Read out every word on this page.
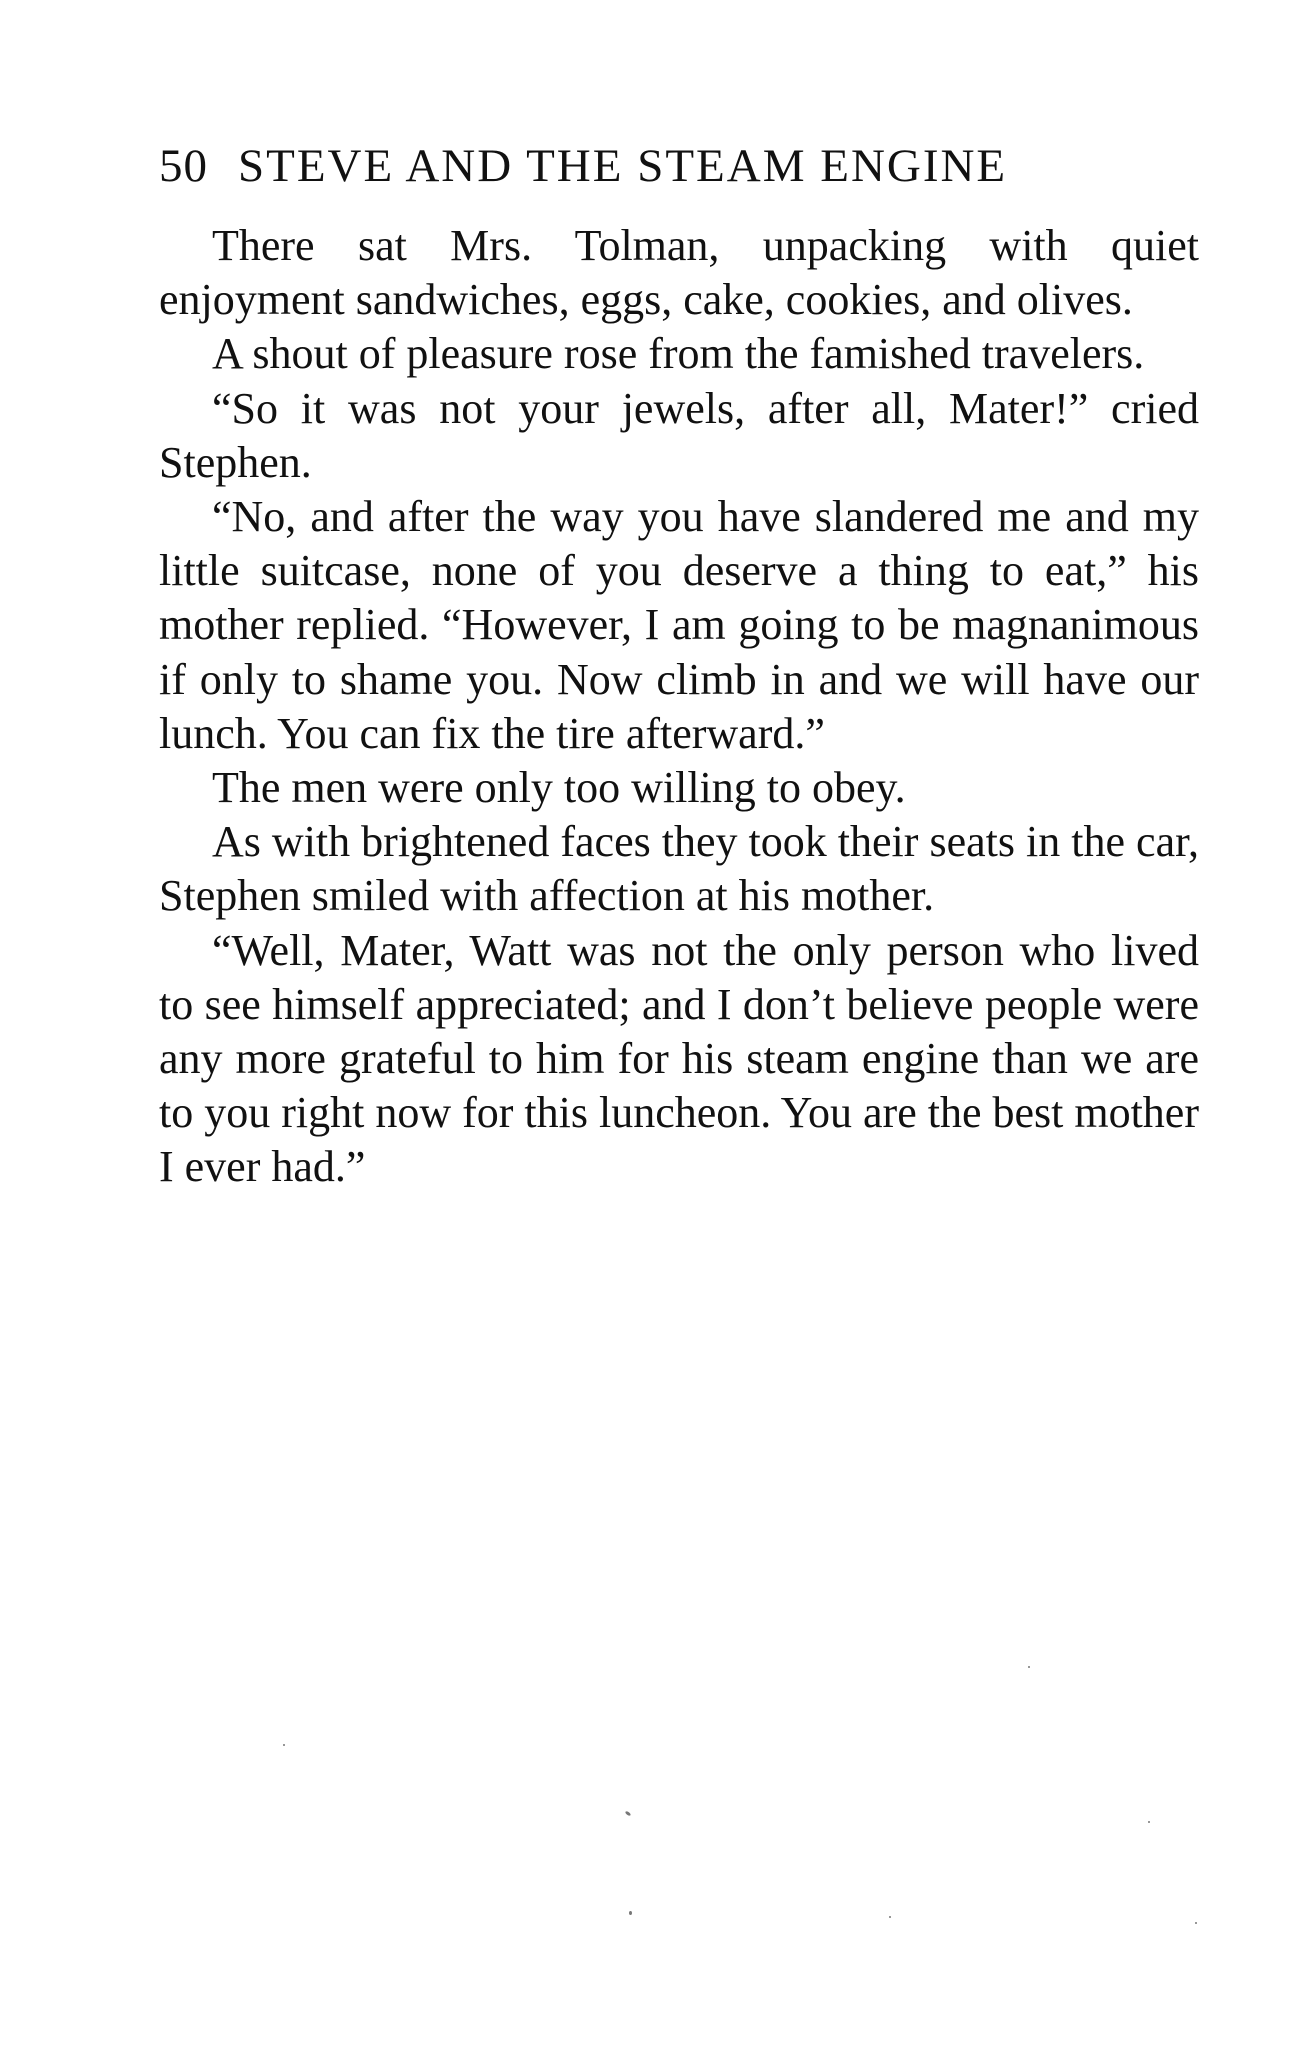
50 STEVE AND THE STEAM ENGINE

There sat Mrs. Tolman, unpacking with quiet enjoyment sandwiches, eggs, cake, cookies, and olives.

A shout of pleasure rose from the famished travelers.

“So it was not your jewels, after all, Mater!” cried Stephen.

“No, and after the way you have slandered me and my little suitcase, none of you deserve a thing to eat,” his mother replied. “However, I am going to be magnanimous if only to shame you. Now climb in and we will have our lunch. You can fix the tire afterward.”

The men were only too willing to obey.

As with brightened faces they took their seats in the car, Stephen smiled with affection at his mother.

“Well, Mater, Watt was not the only person who lived to see himself appreciated; and I don’t believe people were any more grateful to him for his steam engine than we are to you right now for this luncheon. You are the best mother I ever had.”
